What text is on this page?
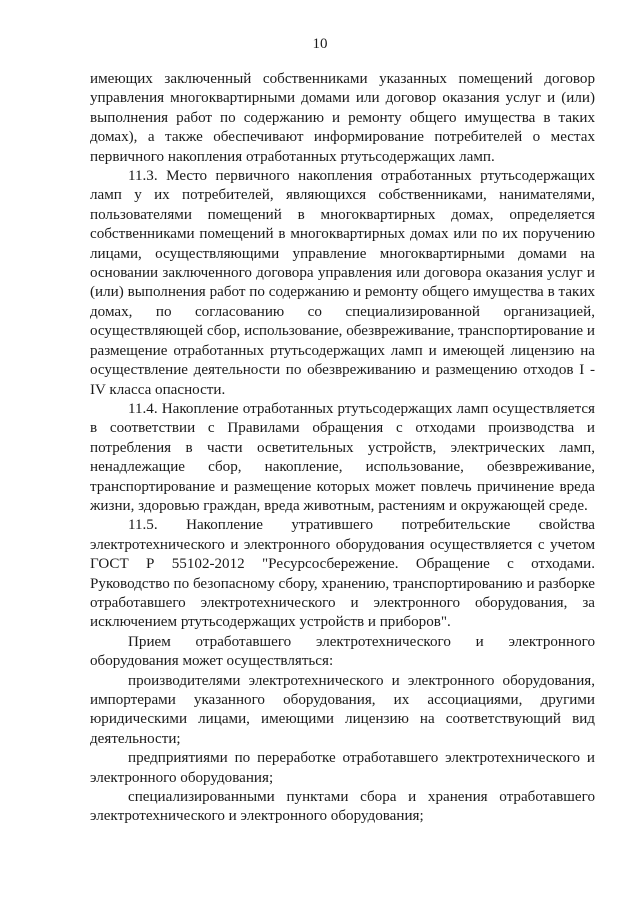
10

имеющих заключенный собственниками указанных помещений договор управления многоквартирными домами или договор оказания услуг и (или) выполнения работ по содержанию и ремонту общего имущества в таких домах), а также обеспечивают информирование потребителей о местах первичного накопления отработанных ртутьсодержащих ламп.

11.3. Место первичного накопления отработанных ртутьсодержащих ламп у их потребителей, являющихся собственниками, нанимателями, пользователями помещений в многоквартирных домах, определяется собственниками помещений в многоквартирных домах или по их поручению лицами, осуществляющими управление многоквартирными домами на основании заключенного договора управления или договора оказания услуг и (или) выполнения работ по содержанию и ремонту общего имущества в таких домах, по согласованию со специализированной организацией, осуществляющей сбор, использование, обезвреживание, транспортирование и размещение отработанных ртутьсодержащих ламп и имеющей лицензию на осуществление деятельности по обезвреживанию и размещению отходов I - IV класса опасности.

11.4. Накопление отработанных ртутьсодержащих ламп осуществляется в соответствии с Правилами обращения с отходами производства и потребления в части осветительных устройств, электрических ламп, ненадлежащие сбор, накопление, использование, обезвреживание, транспортирование и размещение которых может повлечь причинение вреда жизни, здоровью граждан, вреда животным, растениям и окружающей среде.

11.5. Накопление утратившего потребительские свойства электротехнического и электронного оборудования осуществляется с учетом ГОСТ Р 55102-2012 "Ресурсосбережение. Обращение с отходами. Руководство по безопасному сбору, хранению, транспортированию и разборке отработавшего электротехнического и электронного оборудования, за исключением ртутьсодержащих устройств и приборов".

Прием отработавшего электротехнического и электронного оборудования может осуществляться:

производителями электротехнического и электронного оборудования, импортерами указанного оборудования, их ассоциациями, другими юридическими лицами, имеющими лицензию на соответствующий вид деятельности;

предприятиями по переработке отработавшего электротехнического и электронного оборудования;

специализированными пунктами сбора и хранения отработавшего электротехнического и электронного оборудования;
